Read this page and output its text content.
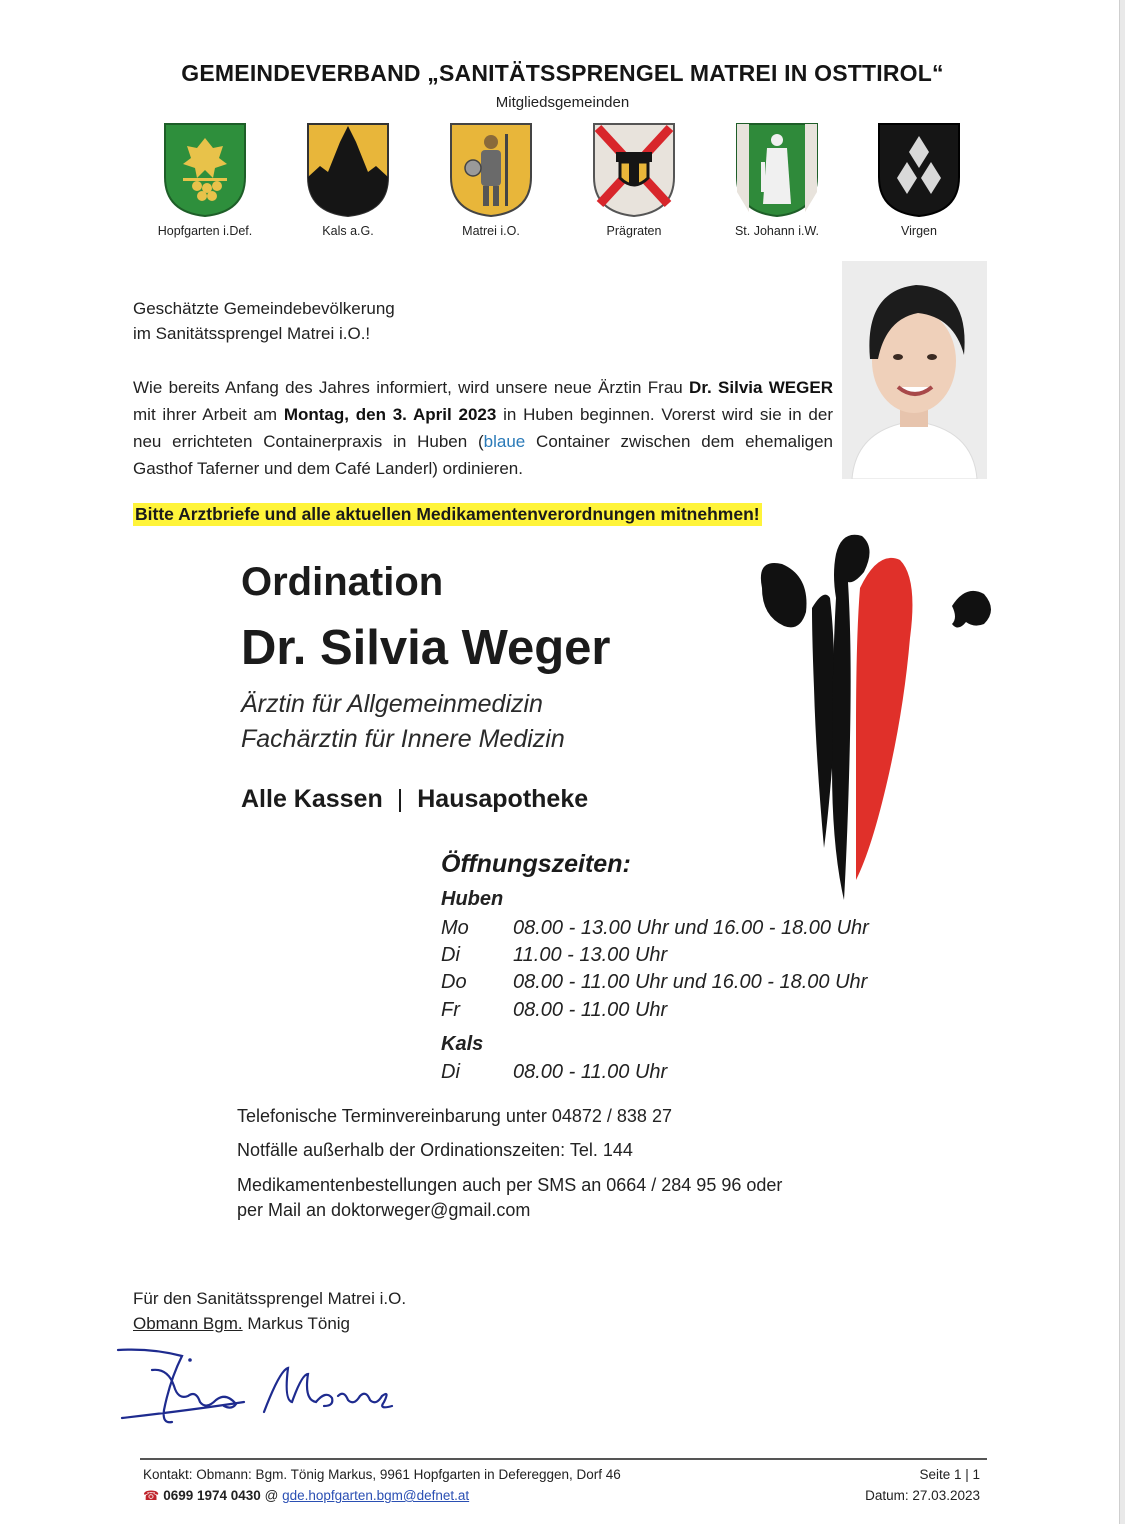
GEMEINDEVERBAND „SANITÄTSSPRENGEL MATREI IN OSTTIROL“
Mitgliedsgemeinden
Hopfgarten i.Def.	Kals a.G.	Matrei i.O.	Prägraten	St. Johann i.W.	Virgen
Geschätzte Gemeindebevölkerung
im Sanitätssprengel Matrei i.O.!
Wie bereits Anfang des Jahres informiert, wird unsere neue Ärztin Frau Dr. Silvia WEGER mit ihrer Arbeit am Montag, den 3. April 2023 in Huben beginnen. Vorerst wird sie in der neu errichteten Containerpraxis in Huben (blaue Container zwischen dem ehemaligen Gasthof Taferner und dem Café Landerl) ordinieren.
Bitte Arztbriefe und alle aktuellen Medikamentenverordnungen mitnehmen!
Ordination
Dr. Silvia Weger
Ärztin für Allgemeinmedizin
Fachärztin für Innere Medizin
Alle Kassen | Hausapotheke
Öffnungszeiten:
Huben
Mo 08.00 - 13.00 Uhr und 16.00 - 18.00 Uhr
Di	11.00 - 13.00 Uhr
Do 08.00 - 11.00 Uhr und 16.00 - 18.00 Uhr
Fr	08.00 - 11.00 Uhr
Kals
Di	08.00 - 11.00 Uhr
Telefonische Terminvereinbarung unter 04872 / 838 27
Notfälle außerhalb der Ordinationszeiten: Tel. 144
Medikamentenbestellungen auch per SMS an 0664 / 284 95 96 oder
per Mail an doktorweger@gmail.com
Für den Sanitätssprengel Matrei i.O.
Obmann Bgm. Markus Tönig
Kontakt: Obmann: Bgm. Tönig Markus, 9961 Hopfgarten in Defereggen, Dorf 46
☎ 0699 1974 0430 @ gde.hopfgarten.bgm@defnet.at
Seite 1 | 1
Datum: 27.03.2023
